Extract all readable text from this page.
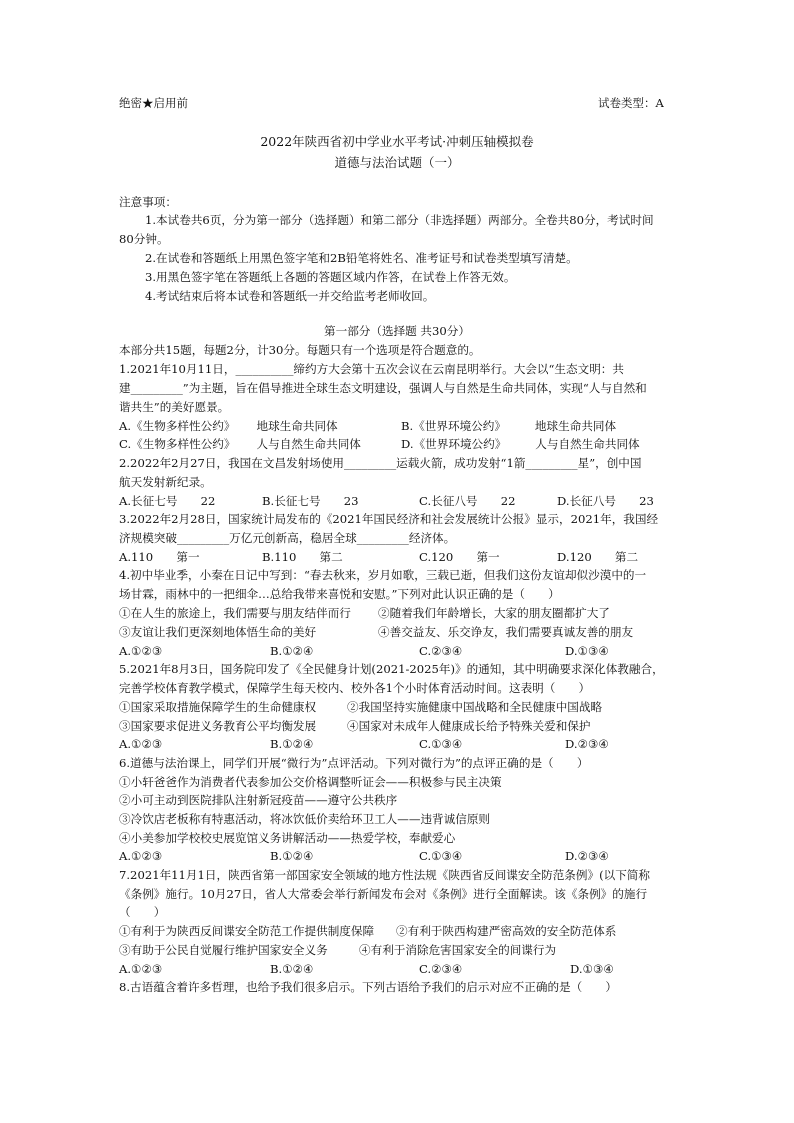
绝密★启用前	试卷类型：A
2022年陕西省初中学业水平考试·冲刺压轴模拟卷
道德与法治试题（一）
注意事项：
1.本试卷共6页，分为第一部分（选择题）和第二部分（非选择题）两部分。全卷共80分，考试时间
80分钟。
2.在试卷和答题纸上用黑色签字笔和2B铅笔将姓名、准考证号和试卷类型填写清楚。
3.用黑色签字笔在答题纸上各题的答题区域内作答，在试卷上作答无效。
4.考试结束后将本试卷和答题纸一并交给监考老师收回。
第一部分（选择题 共30分）
本部分共15题，每题2分，计30分。每题只有一个选项是符合题意的。
1.2021年10月11日，__________缔约方大会第十五次会议在云南昆明举行。大会以“生态文明：共
建_________”为主题，旨在倡导推进全球生态文明建设，强调人与自然是生命共同体，实现“人与自然和
谐共生”的美好愿景。
A.《生物多样性公约》　　 地球生命共同体	B.《世界环境公约》　　　地球生命共同体
C.《生物多样性公约》　　 人与自然生命共同体	D.《世界环境公约》　　　人与自然生命共同体
2.2022年2月27日，我国在文昌发射场使用_________运载火箭，成功发射“1箭_________星”，创中国
航天发射新纪录。
A.长征七号　　22	B.长征七号　　23	C.长征八号　　22	D.长征八号　　23
3.2022年2月28日，国家统计局发布的《2021年国民经济和社会发展统计公报》显示，2021年，我国经
济规模突破_________万亿元创新高，稳居全球_________经济体。
A.110　　第一	B.110　　第二	C.120　　第一	D.120　　第二
4.初中毕业季，小秦在日记中写到：“春去秋来，岁月如歌，三载已逝，但我们这份友谊却似沙漠中的一
场甘霖，雨林中的一把细伞…总给我带来喜悦和安慰。”下列对此认识正确的是（　　）
①在人生的旅途上，我们需要与朋友结伴而行 ②随着我们年龄增长，大家的朋友圈都扩大了
③友谊让我们更深刻地体悟生命的美好	④善交益友、乐交诤友，我们需要真诚友善的朋友
A.①②③	B.①②④	C.②③④	D.①③④
5.2021年8月3日，国务院印发了《全民健身计划(2021-2025年)》的通知，其中明确要求深化体教融合，
完善学校体育教学模式，保障学生每天校内、校外各1个小时体育活动时间。这表明（　　）
①国家采取措施保障学生的生命健康权	②我国坚持实施健康中国战略和全民健康中国战略
③国家要求促进义务教育公平均衡发展	④国家对未成年人健康成长给予特殊关爱和保护
A.①②③	B.①②④	C.①③④	D.②③④
6.道德与法治课上，同学们开展“微行为”点评活动。下列对微行为”的点评正确的是（　　）
①小轩爸爸作为消费者代表参加公交价格调整听证会——积极参与民主决策
②小可主动到医院排队注射新冠疫苗——遵守公共秩序
③冷饮店老板称有特惠活动，将冰饮低价卖给环卫工人——违背诚信原则
④小美参加学校校史展览馆义务讲解活动——热爱学校，奉献爱心
A.①②③	B.①②④	C.①③④	D.②③④
7.2021年11月1日，陕西省第一部国家安全领域的地方性法规《陕西省反间谍安全防范条例》(以下简称
《条例》施行。10月27日，省人大常委会举行新闻发布会对《条例》进行全面解读。该《条例》的施行
（　　）
①有利于为陕西反间谍安全防范工作提供制度保障 ②有利于陕西构建严密高效的安全防范体系
③有助于公民自觉履行维护国家安全义务	④有利于消除危害国家安全的间谍行为
A.①②③	B.①②④	C.②③④	D.①③④
8.古语蕴含着许多哲理，也给予我们很多启示。下列古语给予我们的启示对应不正确的是（　　）
